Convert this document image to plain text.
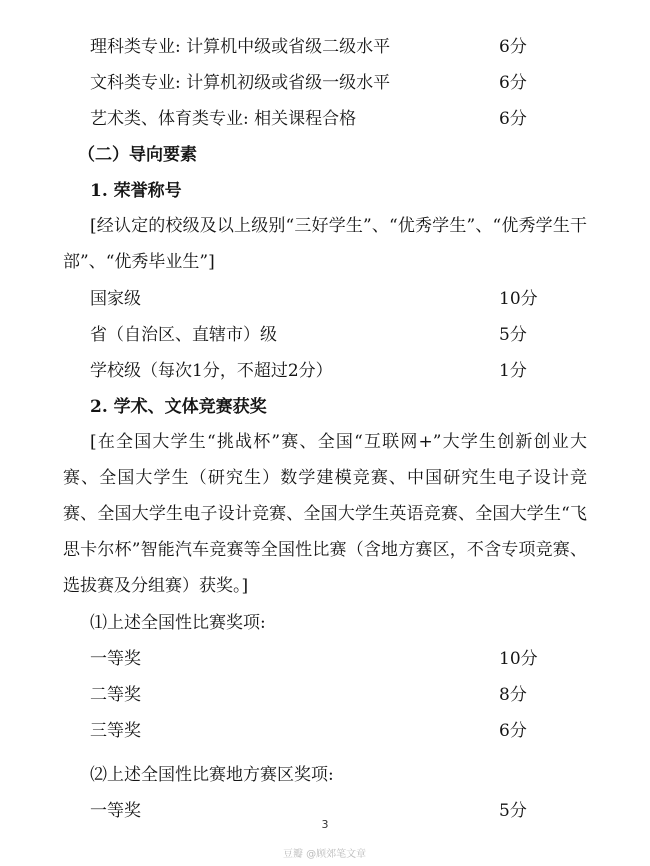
理科类专业: 计算机中级或省级二级水平	6分
文科类专业: 计算机初级或省级一级水平	6分
艺术类、体育类专业: 相关课程合格	6分
（二）导向要素
1. 荣誉称号
[经认定的校级及以上级别“三好学生”、“优秀学生”、“优秀学生干部”、“优秀毕业生”]
国家级	10分
省（自治区、直辖市）级	5分
学校级（每次1分，不超过2分）	1分
2. 学术、文体竞赛获奖
[在全国大学生“挑战杯”赛、全国“互联网+”大学生创新创业大赛、全国大学生（研究生）数学建模竞赛、中国研究生电子设计竞赛、全国大学生电子设计竞赛、全国大学生英语竞赛、全国大学生“飞思卡尔杯”智能汽车竞赛等全国性比赛（含地方赛区，不含专项竞赛、选拔赛及分组赛）获奖。]
⑴上述全国性比赛奖项:
一等奖	10分
二等奖	8分
三等奖	6分
⑵上述全国性比赛地方赛区奖项:
一等奖	5分
3
豆瓣 @顾郊笔文章
